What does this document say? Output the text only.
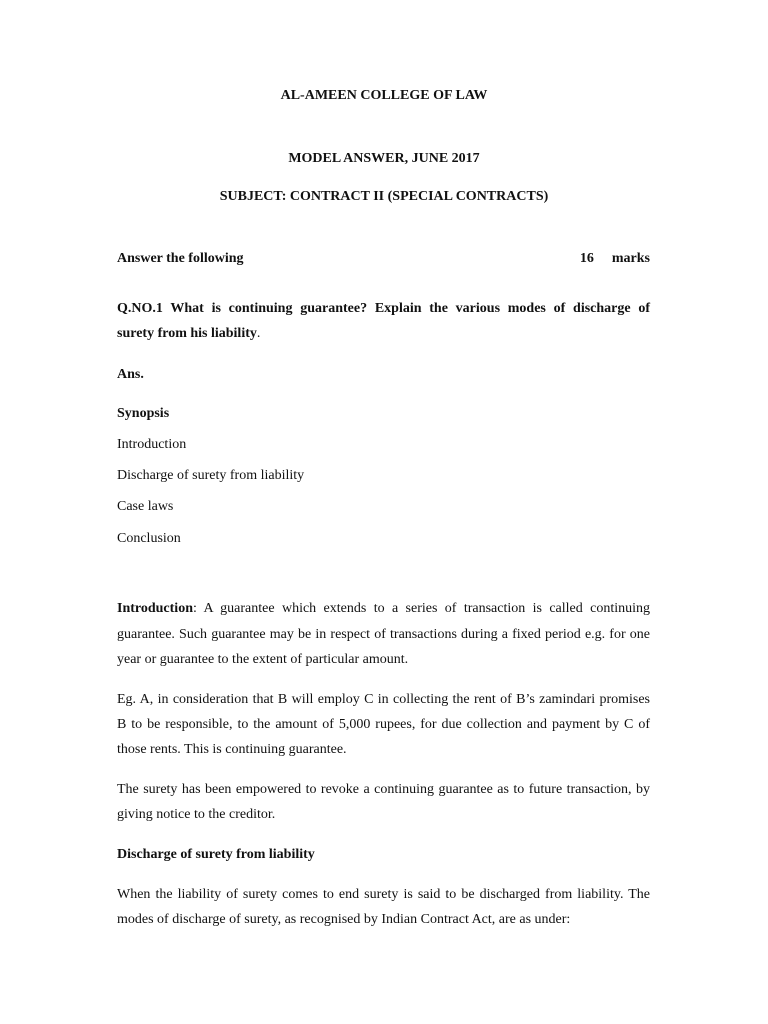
AL-AMEEN COLLEGE OF LAW

MODEL ANSWER, JUNE 2017

SUBJECT: CONTRACT II (SPECIAL CONTRACTS)

Answer the following	16 marks

Q.NO.1 What is continuing guarantee? Explain the various modes of discharge of

surety from his liability.

Ans.

Synopsis

Introduction

Discharge of surety from liability

Case laws

Conclusion

Introduction: A guarantee which extends to a series of transaction is called continuing

guarantee. Such guarantee may be in respect of transactions during a fixed period e.g. for one

year or guarantee to the extent of particular amount.

Eg. A, in consideration that B will employ C in collecting the rent of B’s zamindari promises

B to be responsible, to the amount of 5,000 rupees, for due collection and payment by C of

those rents. This is continuing guarantee.

The surety has been empowered to revoke a continuing guarantee as to future transaction, by

giving notice to the creditor.

Discharge of surety from liability

When the liability of surety comes to end surety is said to be discharged from liability. The

modes of discharge of surety, as recognised by Indian Contract Act, are as under:
